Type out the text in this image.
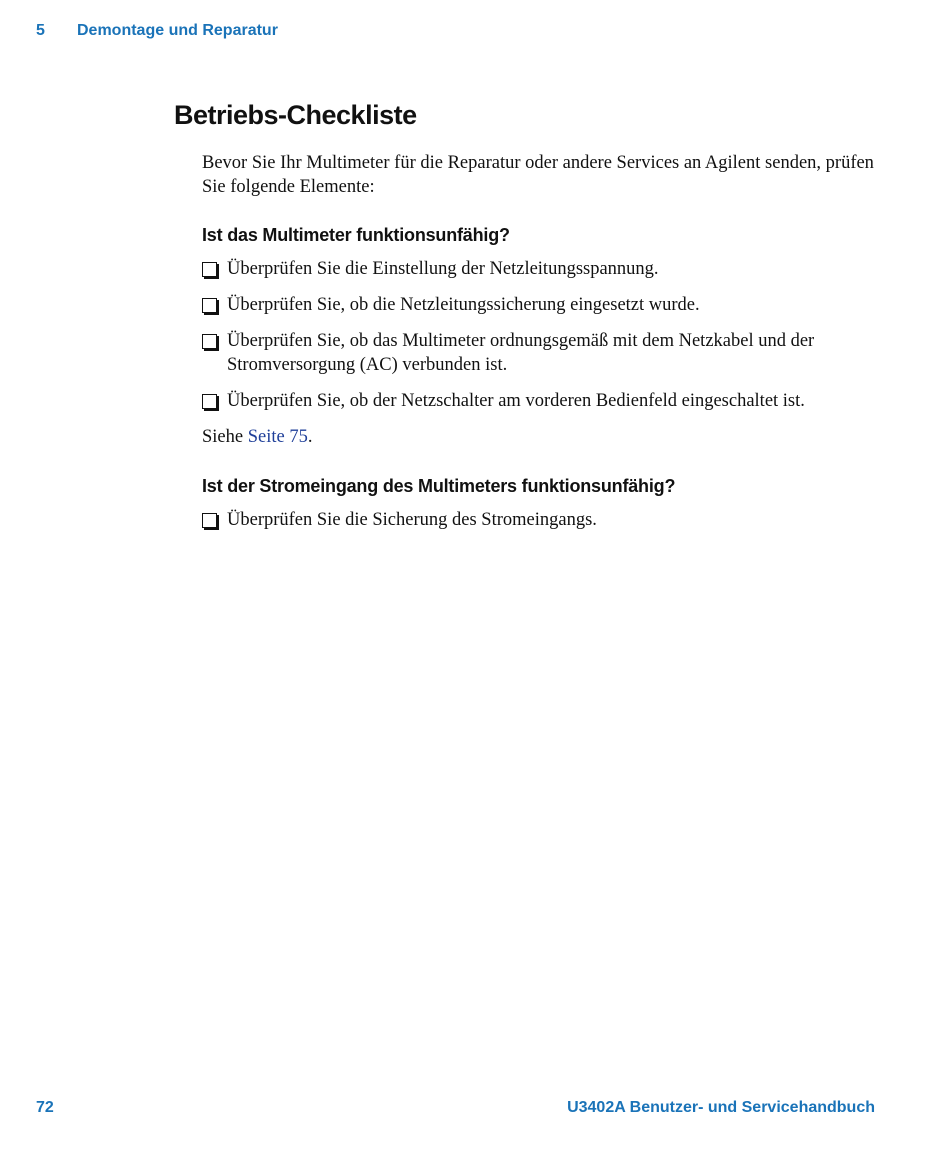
5 Demontage und Reparatur
Betriebs-Checkliste

Bevor Sie Ihr Multimeter für die Reparatur oder andere Services an Agilent senden, prüfen Sie folgende Elemente:

Ist das Multimeter funktionsunfähig?
Überprüfen Sie die Einstellung der Netzleitungsspannung.
Überprüfen Sie, ob die Netzleitungssicherung eingesetzt wurde.
Überprüfen Sie, ob das Multimeter ordnungsgemäß mit dem Netzkabel und der Stromversorgung (AC) verbunden ist.
Überprüfen Sie, ob der Netzschalter am vorderen Bedienfeld eingeschaltet ist.

Siehe Seite 75.

Ist der Stromeingang des Multimeters funktionsunfähig?
Überprüfen Sie die Sicherung des Stromeingangs.
72	U3402A Benutzer- und Servicehandbuch
